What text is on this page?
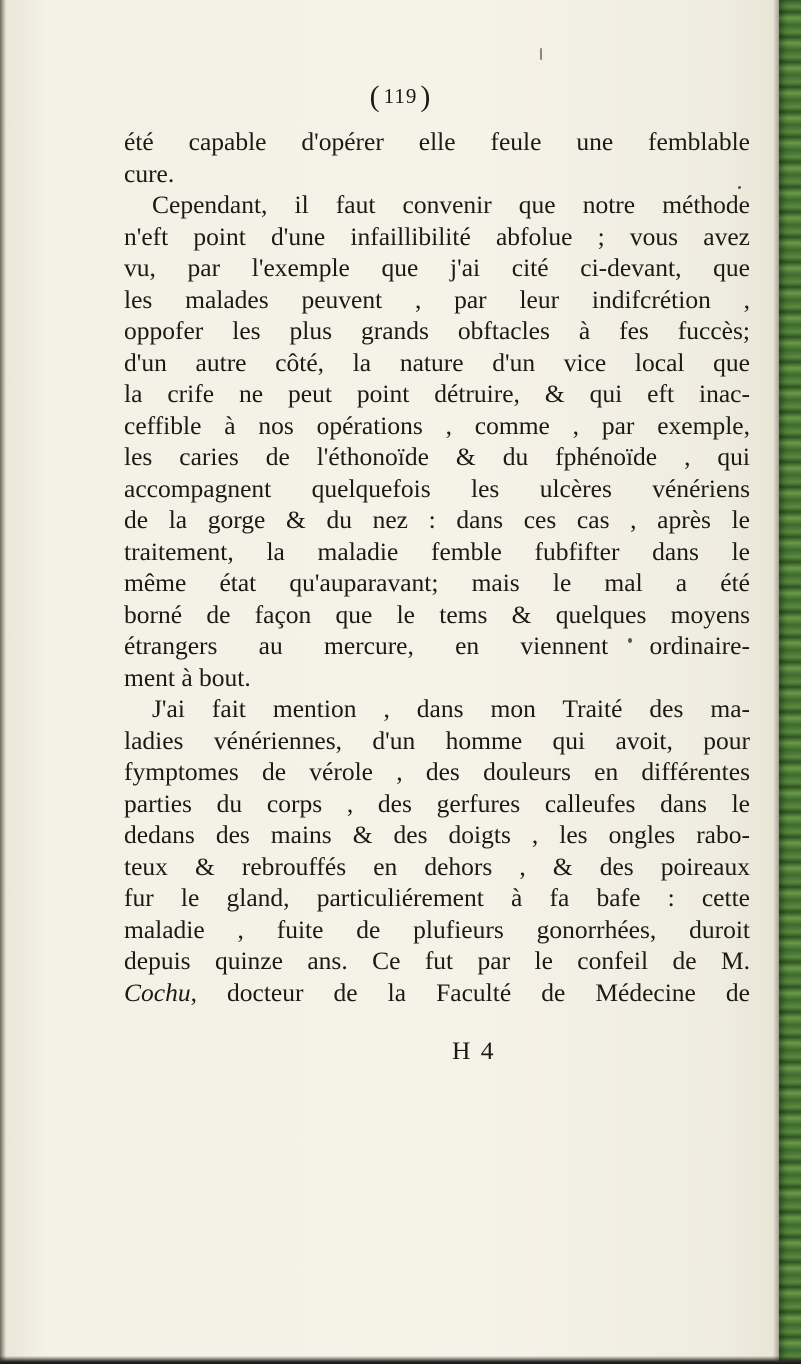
( 119 )
été capable d'opérer elle feule une femblable
cure.
Cependant, il faut convenir que notre méthode
n'eft point d'une infaillibilité abfolue ; vous avez
vu, par l'exemple que j'ai cité ci-devant, que
les malades peuvent , par leur indifcrétion ,
oppofer les plus grands obftacles à fes fuccès;
d'un autre côté, la nature d'un vice local que
la crife ne peut point détruire, & qui eft inac-
ceffible à nos opérations , comme , par exemple,
les caries de l'éthonoïde & du fphénoïde , qui
accompagnent quelquefois les ulcères vénériens
de la gorge & du nez : dans ces cas , après le
traitement, la maladie femble fubfifter dans le
même état qu'auparavant; mais le mal a été
borné de façon que le tems & quelques moyens
étrangers au mercure, en viennent ordinaire-
ment à bout.
J'ai fait mention , dans mon Traité des ma-
ladies vénériennes, d'un homme qui avoit, pour
fymptomes de vérole , des douleurs en différentes
parties du corps , des gerfures calleufes dans le
dedans des mains & des doigts , les ongles rabo-
teux & rebrouffés en dehors , & des poireaux
fur le gland, particuliérement à fa bafe : cette
maladie , fuite de plufieurs gonorrhées, duroit
depuis quinze ans. Ce fut par le confeil de M.
Cochu, docteur de la Faculté de Médecine de
H 4
